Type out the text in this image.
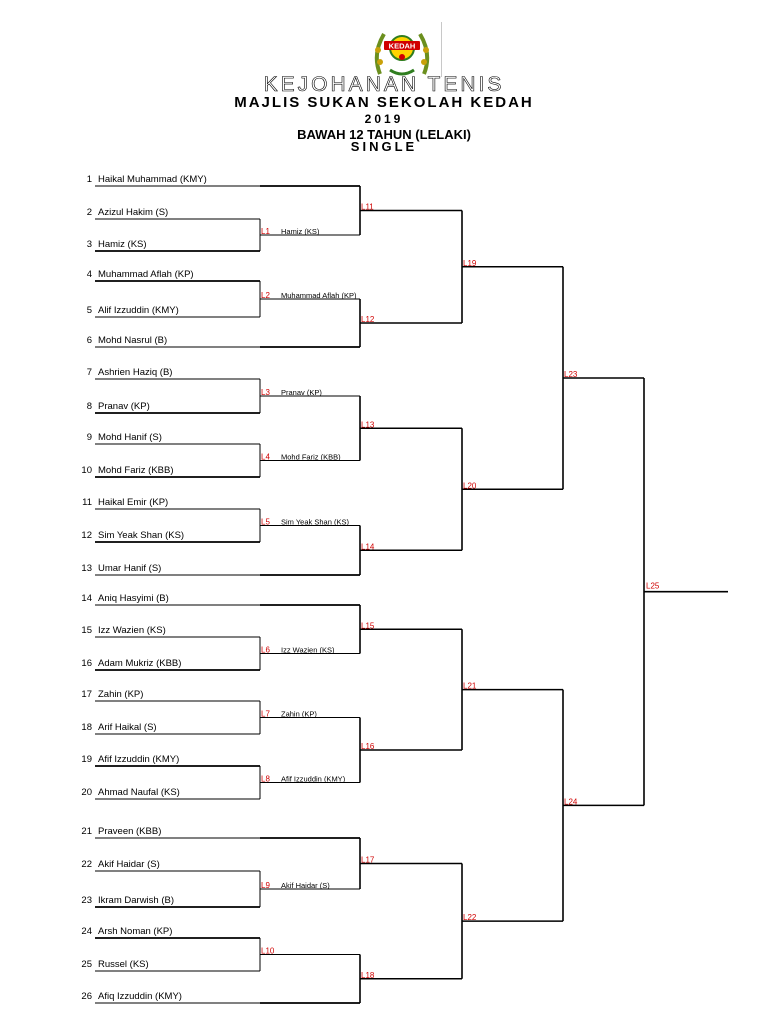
KEDAH
KEJOHANAN TENIS
MAJLIS SUKAN SEKOLAH KEDAH
2019
BAWAH 12 TAHUN (LELAKI)
SINGLE
1 Haikal Muhammad (KMY)
2 Azizul Hakim (S)
3 Hamiz (KS)
4 Muhammad Aflah (KP)
5 Alif Izzuddin (KMY)
6 Mohd Nasrul (B)
7 Ashrien Haziq (B)
8 Pranav (KP)
9 Mohd Hanif (S)
10 Mohd Fariz (KBB)
11 Haikal Emir (KP)
12 Sim Yeak Shan (KS)
13 Umar Hanif (S)
14 Aniq Hasyimi (B)
15 Izz Wazien (KS)
16 Adam Mukriz (KBB)
17 Zahin (KP)
18 Arif Haikal (S)
19 Afif Izzuddin (KMY)
20 Ahmad Naufal (KS)
21 Praveen (KBB)
22 Akif Haidar (S)
23 Ikram Darwish (B)
24 Arsh Noman (KP)
25 Russel (KS)
26 Afiq Izzuddin (KMY)
L1 Hamiz (KS)
L2 Muhammad Aflah (KP)
L3 Pranav (KP)
L4 Mohd Fariz (KBB)
L5 Sim Yeak Shan (KS)
L6 Izz Wazien (KS)
L7 Zahin (KP)
L8 Afif Izzuddin (KMY)
L9 Akif Haidar (S)
L10
L11
L12
L13
L14
L15
L16
L17
L18
L19
L20
L21
L22
L23
L24
L25
